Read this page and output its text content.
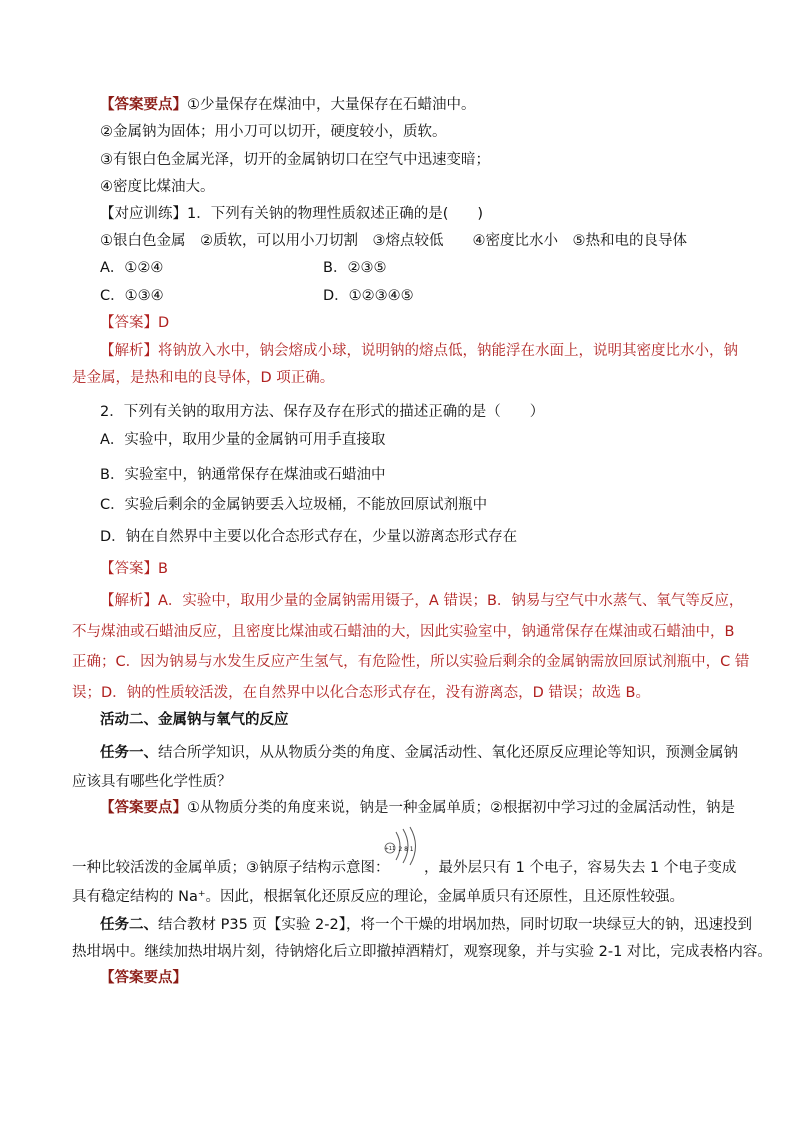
【答案要点】①少量保存在煤油中，大量保存在石蜡油中。
②金属钠为固体；用小刀可以切开，硬度较小，质软。
③有银白色金属光泽，切开的金属钠切口在空气中迅速变暗；
④密度比煤油大。
【对应训练】1．下列有关钠的物理性质叙述正确的是(　　)
①银白色金属　②质软，可以用小刀切割　③熔点较低　　④密度比水小　⑤热和电的良导体
A．①②④	B．②③⑤
C．①③④	D．①②③④⑤
【答案】D
【解析】将钠放入水中，钠会熔成小球，说明钠的熔点低，钠能浮在水面上，说明其密度比水小，钠
是金属，是热和电的良导体，D 项正确。
2．下列有关钠的取用方法、保存及存在形式的描述正确的是（　　）
A．实验中，取用少量的金属钠可用手直接取
B．实验室中，钠通常保存在煤油或石蜡油中
C．实验后剩余的金属钠要丢入垃圾桶，不能放回原试剂瓶中
D．钠在自然界中主要以化合态形式存在，少量以游离态形式存在
【答案】B
【解析】A．实验中，取用少量的金属钠需用镊子，A 错误；B．钠易与空气中水蒸气、氧气等反应，
不与煤油或石蜡油反应，且密度比煤油或石蜡油的大，因此实验室中，钠通常保存在煤油或石蜡油中，B
正确；C．因为钠易与水发生反应产生氢气，有危险性，所以实验后剩余的金属钠需放回原试剂瓶中，C 错
误；D．钠的性质较活泼，在自然界中以化合态形式存在，没有游离态，D 错误；故选 B。
活动二、金属钠与氧气的反应
任务一、结合所学知识，从从物质分类的角度、金属活动性、氧化还原反应理论等知识，预测金属钠
应该具有哪些化学性质？
【答案要点】①从物质分类的角度来说，钠是一种金属单质；②根据初中学习过的金属活动性，钠是
一种比较活泼的金属单质；③钠原子结构示意图：
+11 2 8 1
，最外层只有 1 个电子，容易失去 1 个电子变成
具有稳定结构的 Na⁺。因此，根据氧化还原反应的理论，金属单质只有还原性，且还原性较强。
任务二、结合教材 P35 页【实验 2-2】，将一个干燥的坩埚加热，同时切取一块绿豆大的钠，迅速投到
热坩埚中。继续加热坩埚片刻，待钠熔化后立即撤掉酒精灯，观察现象，并与实验 2-1 对比，完成表格内容。
【答案要点】
